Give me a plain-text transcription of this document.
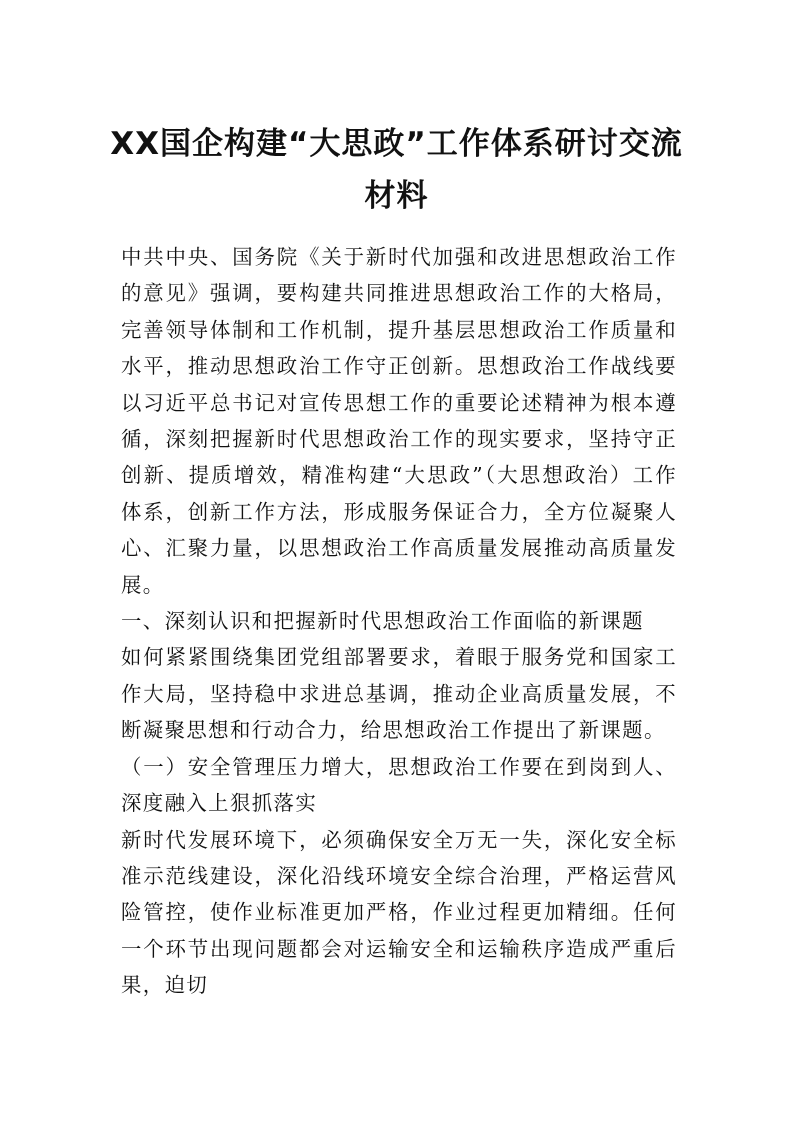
XX国企构建“大思政”工作体系研讨交流材料

中共中央、国务院《关于新时代加强和改进思想政治工作的意见》强调，要构建共同推进思想政治工作的大格局，完善领导体制和工作机制，提升基层思想政治工作质量和水平，推动思想政治工作守正创新。思想政治工作战线要以习近平总书记对宣传思想工作的重要论述精神为根本遵循，深刻把握新时代思想政治工作的现实要求，坚持守正创新、提质增效，精准构建“大思政”（大思想政治）工作体系，创新工作方法，形成服务保证合力，全方位凝聚人心、汇聚力量，以思想政治工作高质量发展推动高质量发展。

一、深刻认识和把握新时代思想政治工作面临的新课题

如何紧紧围绕集团党组部署要求，着眼于服务党和国家工作大局，坚持稳中求进总基调，推动企业高质量发展，不断凝聚思想和行动合力，给思想政治工作提出了新课题。

（一）安全管理压力增大，思想政治工作要在到岗到人、深度融入上狠抓落实

新时代发展环境下，必须确保安全万无一失，深化安全标准示范线建设，深化沿线环境安全综合治理，严格运营风险管控，使作业标准更加严格，作业过程更加精细。任何一个环节出现问题都会对运输安全和运输秩序造成严重后果，迫切
